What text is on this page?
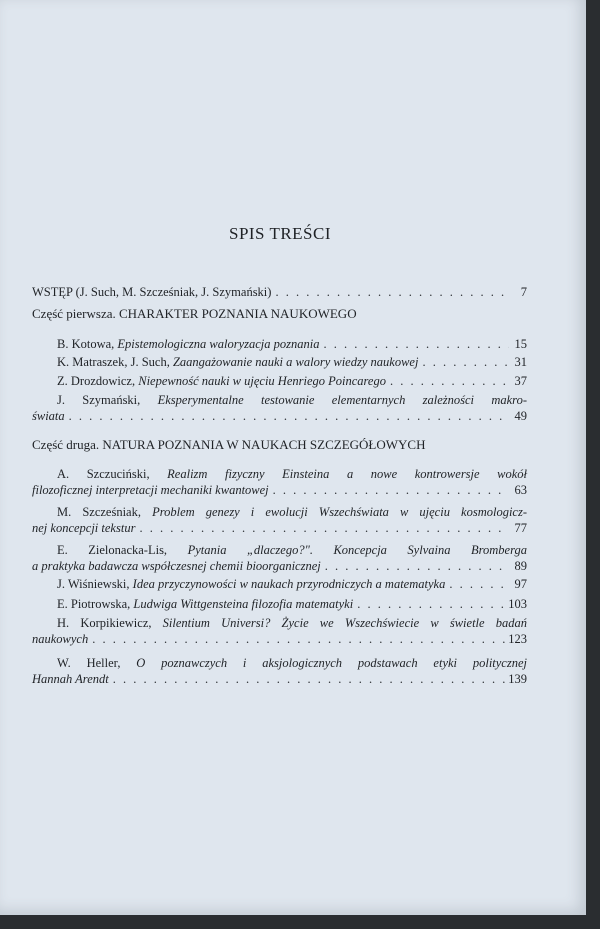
SPIS TREŚCI
WSTĘP (J. Such, M. Szcześniak, J. Szymański) . . .	7
Część pierwsza. CHARAKTER POZNANIA NAUKOWEGO
B. Kotowa, Epistemologiczna waloryzacja poznania . . .	15
K. Matraszek, J. Such, Zaangażowanie nauki a walory wiedzy naukowej . . .	31
Z. Drozdowicz, Niepewność nauki w ujęciu Henriego Poincarego . . .	37
J. Szymański, Eksperymentalne testowanie elementarnych zależności makro-
świata . . .	49
Część druga. NATURA POZNANIA W NAUKACH SZCZEGÓŁOWYCH
A. Szczuciński, Realizm fizyczny Einsteina a nowe kontrowersje wokół
filozoficznej interpretacji mechaniki kwantowej . . .	63
M. Szcześniak, Problem genezy i ewolucji Wszechświata w ujęciu kosmologicz-
nej koncepcji tekstur . . .	77
E. Zielonacka-Lis, Pytania „dlaczego?". Koncepcja Sylvaina Bromberga
a praktyka badawcza współczesnej chemii bioorganicznej . . .	89
J. Wiśniewski, Idea przyczynowości w naukach przyrodniczych a matematyka . . .	97
E. Piotrowska, Ludwiga Wittgensteina filozofia matematyki . . .	103
H. Korpikiewicz, Silentium Universi? Życie we Wszechświecie w świetle badań
naukowych . . .	123
W. Heller, O poznawczych i aksjologicznych podstawach etyki politycznej
Hannah Arendt . . .	139
